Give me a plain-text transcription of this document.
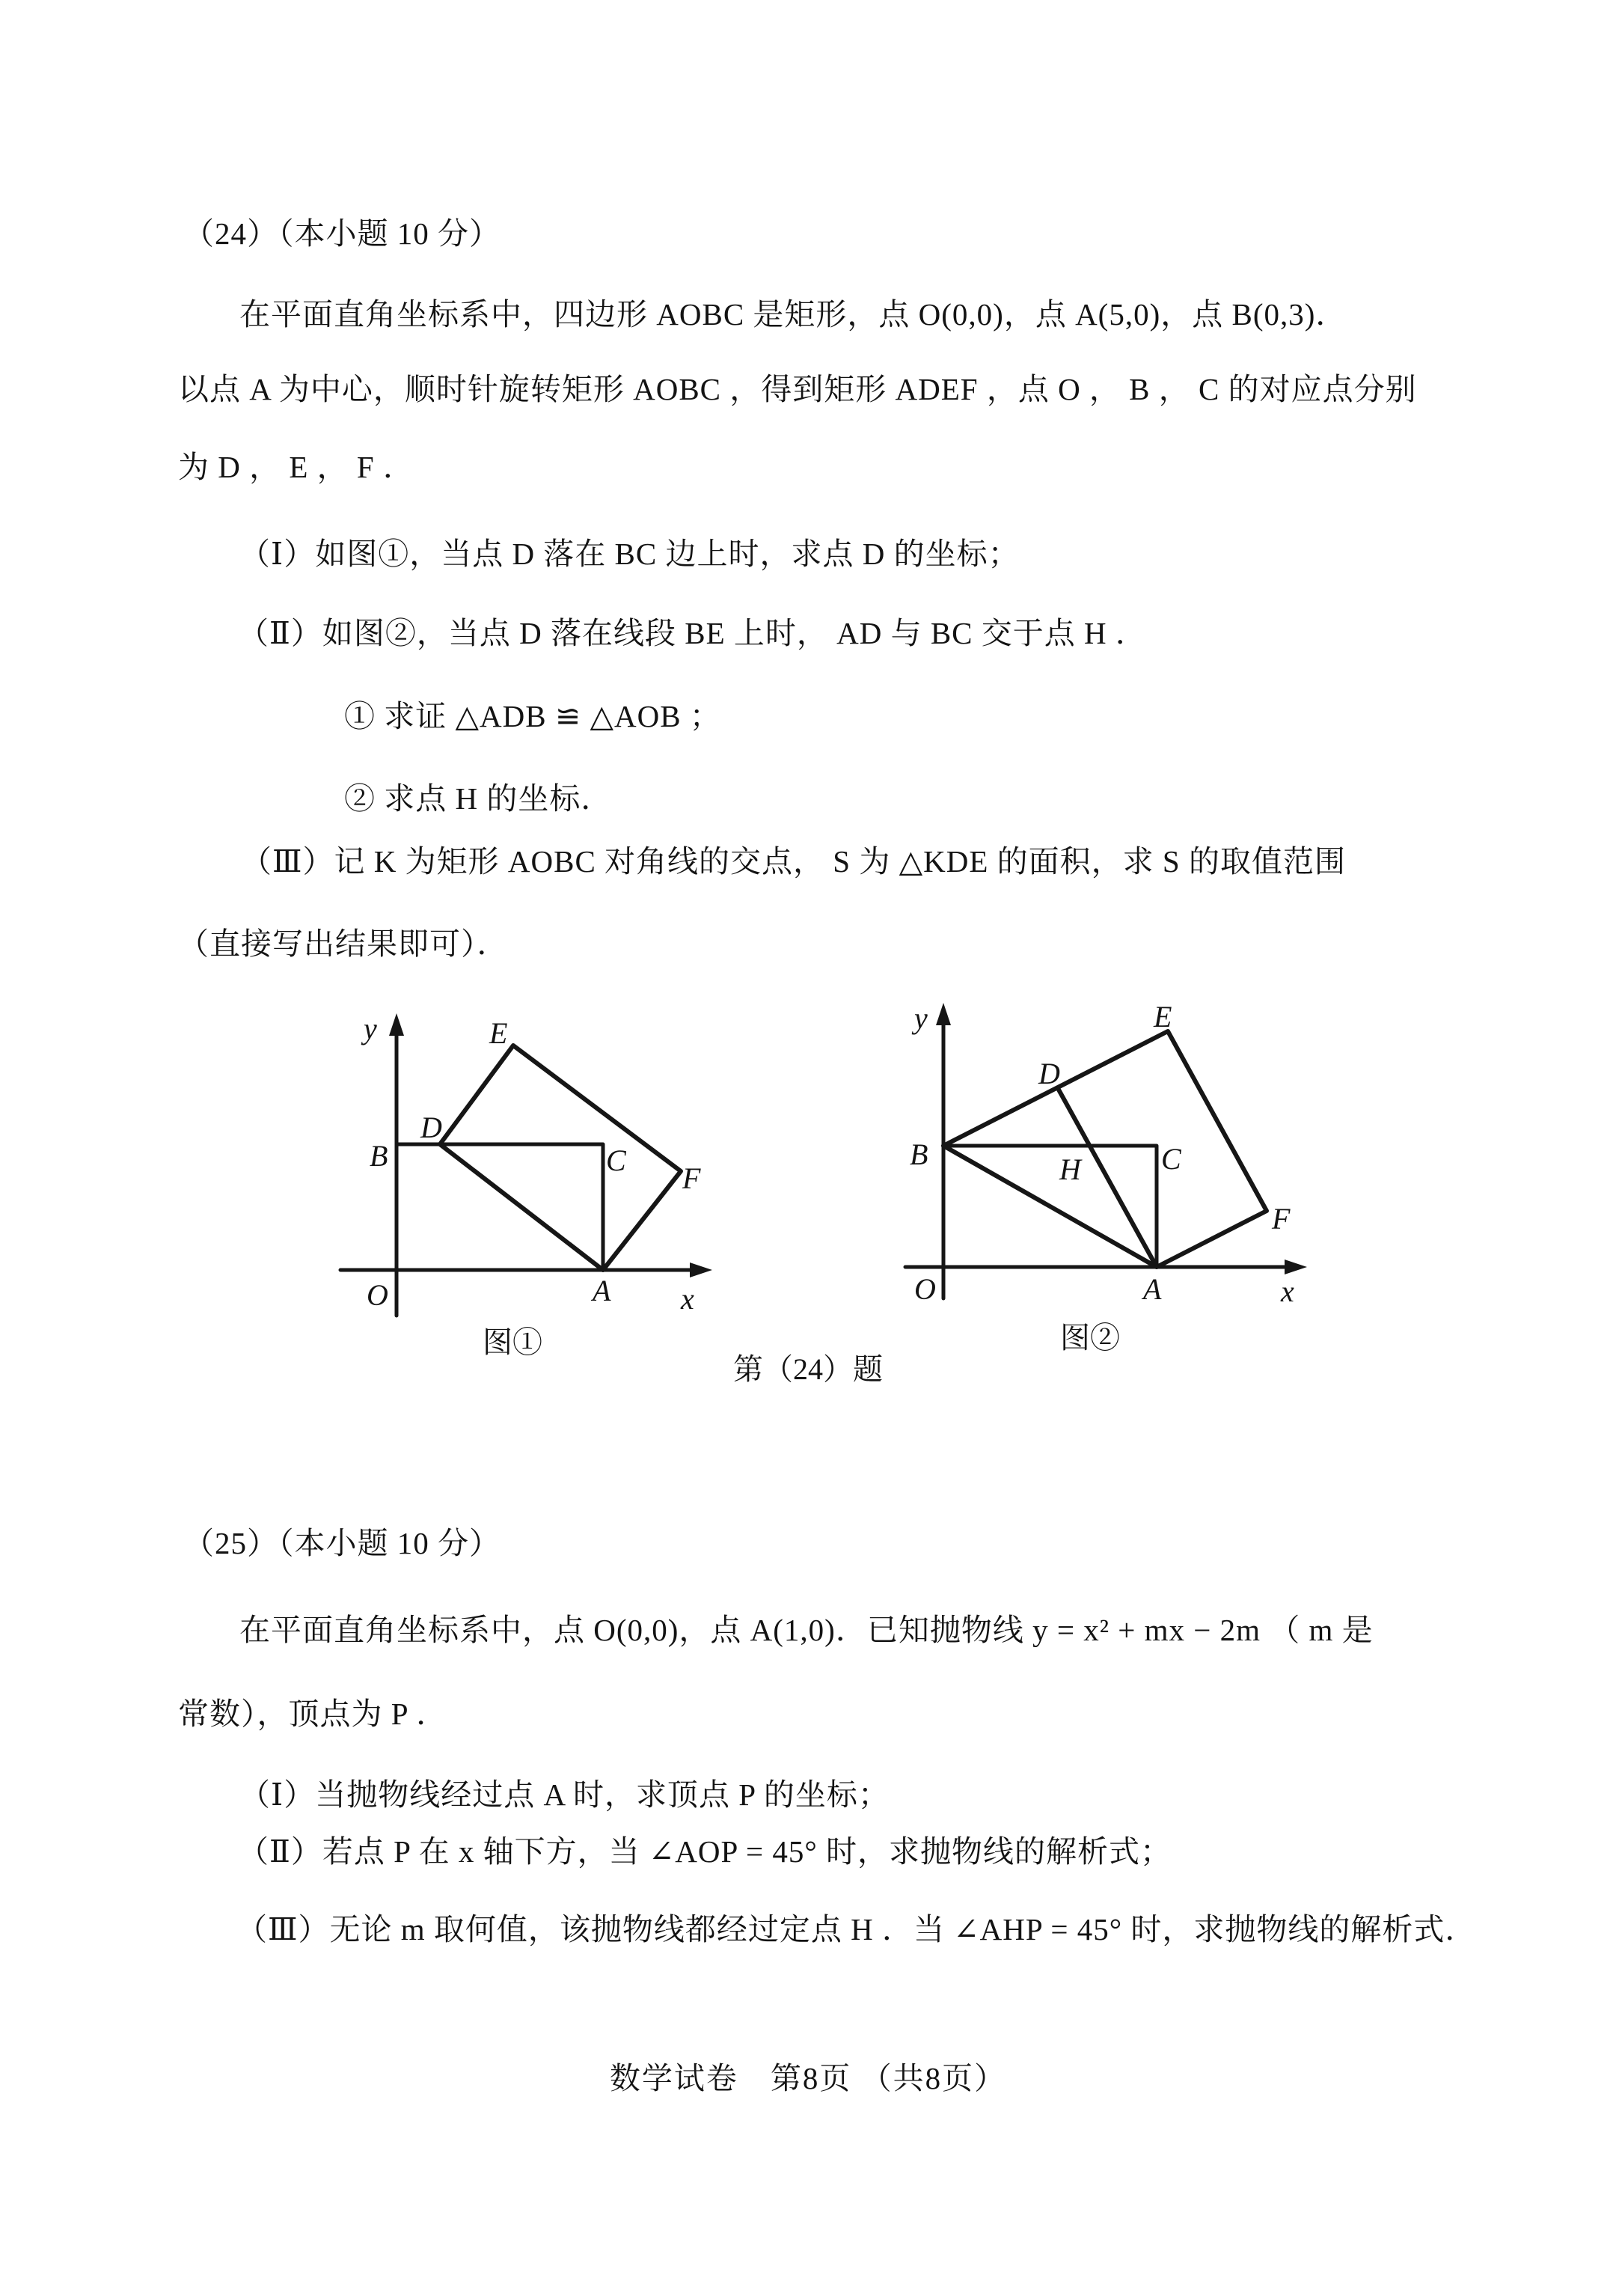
（24）（本小题 10 分）
在平面直角坐标系中，四边形 AOBC 是矩形，点 O(0,0)，点 A(5,0)，点 B(0,3)．
以点 A 为中心，顺时针旋转矩形 AOBC ，得到矩形 ADEF ，点 O ， B ， C 的对应点分别
为 D ， E ， F ．
（Ⅰ）如图①，当点 D 落在 BC 边上时，求点 D 的坐标；
（Ⅱ）如图②，当点 D 落在线段 BE 上时， AD 与 BC 交于点 H ．
① 求证 △ADB ≌ △AOB ；
② 求点 H 的坐标．
（Ⅲ）记 K 为矩形 AOBC 对角线的交点， S 为 △KDE 的面积，求 S 的取值范围
（直接写出结果即可）．
y
x
O
B
D
C
E
F
A
y
x
O
B
D
H	C
E
F
A
图①	图②
第（24）题
（25）（本小题 10 分）
在平面直角坐标系中，点 O(0,0)，点 A(1,0)．已知抛物线 y = x² + mx − 2m （ m 是
常数），顶点为 P ．
（Ⅰ）当抛物线经过点 A 时，求顶点 P 的坐标；
（Ⅱ）若点 P 在 x 轴下方，当 ∠AOP = 45° 时，求抛物线的解析式；
（Ⅲ）无论 m 取何值，该抛物线都经过定点 H ．当 ∠AHP = 45° 时，求抛物线的解析式．
数学试卷　第8页 （共8页）
